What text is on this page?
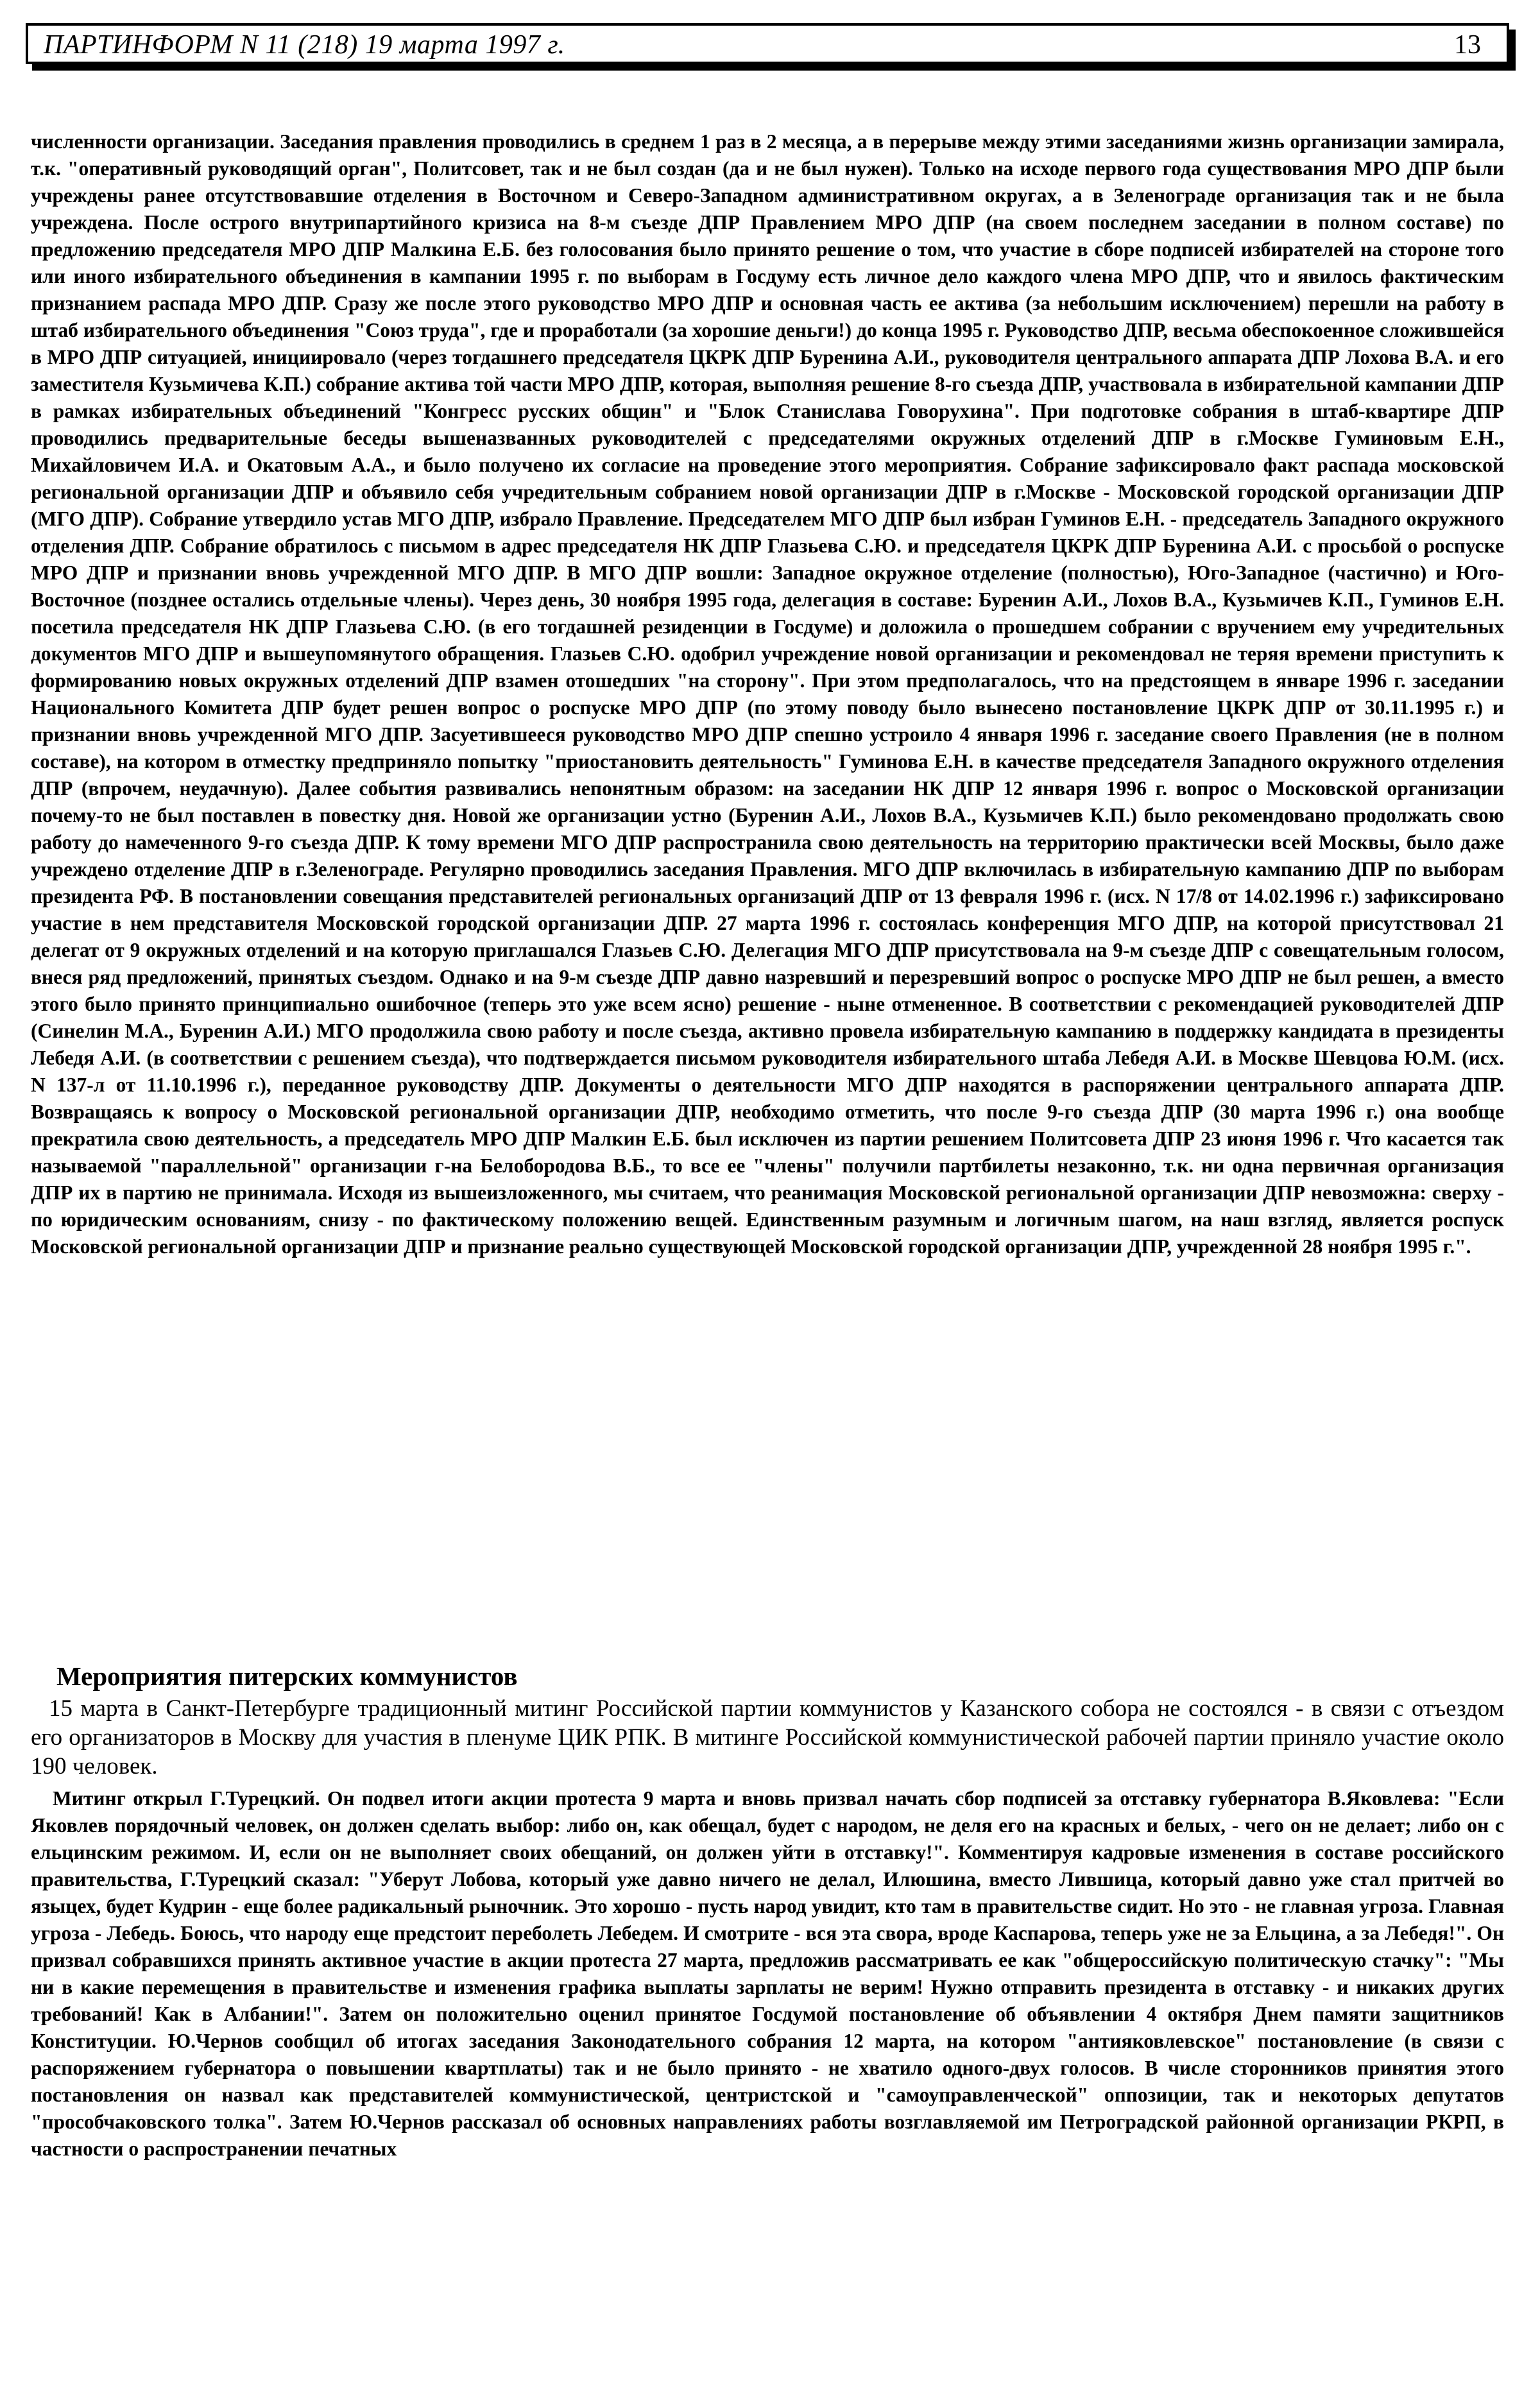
ПАРТИНФОРМ N 11 (218) 19 марта 1997 г.	13

численности организации. Заседания правления проводились в среднем 1 раз в 2 месяца, а в перерыве между этими заседаниями жизнь организации замирала, т.к. "оперативный руководящий орган", Политсовет, так и не был создан (да и не был нужен). Только на исходе первого года существования МРО ДПР были учреждены ранее отсутствовавшие отделения в Восточном и Северо-Западном административном округах, а в Зеленограде организация так и не была учреждена. После острого внутрипартийного кризиса на 8-м съезде ДПР Правлением МРО ДПР (на своем последнем заседании в полном составе) по предложению председателя МРО ДПР Малкина Е.Б. без голосования было принято решение о том, что участие в сборе подписей избирателей на стороне того или иного избирательного объединения в кампании 1995 г. по выборам в Госдуму есть личное дело каждого члена МРО ДПР, что и явилось фактическим признанием распада МРО ДПР. Сразу же после этого руководство МРО ДПР и основная часть ее актива (за небольшим исключением) перешли на работу в штаб избирательного объединения "Союз труда", где и проработали (за хорошие деньги!) до конца 1995 г. Руководство ДПР, весьма обеспокоенное сложившейся в МРО ДПР ситуацией, инициировало (через тогдашнего председателя ЦКРК ДПР Буренина А.И., руководителя центрального аппарата ДПР Лохова В.А. и его заместителя Кузьмичева К.П.) собрание актива той части МРО ДПР, которая, выполняя решение 8-го съезда ДПР, участвовала в избирательной кампании ДПР в рамках избирательных объединений "Конгресс русских общин" и "Блок Станислава Говорухина". При подготовке собрания в штаб-квартире ДПР проводились предварительные беседы вышеназванных руководителей с председателями окружных отделений ДПР в г.Москве Гуминовым Е.Н., Михайловичем И.А. и Окатовым А.А., и было получено их согласие на проведение этого мероприятия. Собрание зафиксировало факт распада московской региональной организации ДПР и объявило себя учредительным собранием новой организации ДПР в г.Москве - Московской городской организации ДПР (МГО ДПР). Собрание утвердило устав МГО ДПР, избрало Правление. Председателем МГО ДПР был избран Гуминов Е.Н. - председатель Западного окружного отделения ДПР. Собрание обратилось с письмом в адрес председателя НК ДПР Глазьева С.Ю. и председателя ЦКРК ДПР Буренина А.И. с просьбой о роспуске МРО ДПР и признании вновь учрежденной МГО ДПР. В МГО ДПР вошли: Западное окружное отделение (полностью), Юго-Западное (частично) и Юго-Восточное (позднее остались отдельные члены). Через день, 30 ноября 1995 года, делегация в составе: Буренин А.И., Лохов В.А., Кузьмичев К.П., Гуминов Е.Н. посетила председателя НК ДПР Глазьева С.Ю. (в его тогдашней резиденции в Госдуме) и доложила о прошедшем собрании с вручением ему учредительных документов МГО ДПР и вышеупомянутого обращения. Глазьев С.Ю. одобрил учреждение новой организации и рекомендовал не теряя времени приступить к формированию новых окружных отделений ДПР взамен отошедших "на сторону". При этом предполагалось, что на предстоящем в январе 1996 г. заседании Национального Комитета ДПР будет решен вопрос о роспуске МРО ДПР (по этому поводу было вынесено постановление ЦКРК ДПР от 30.11.1995 г.) и признании вновь учрежденной МГО ДПР. Засуетившееся руководство МРО ДПР спешно устроило 4 января 1996 г. заседание своего Правления (не в полном составе), на котором в отместку предприняло попытку "приостановить деятельность" Гуминова Е.Н. в качестве председателя Западного окружного отделения ДПР (впрочем, неудачную). Далее события развивались непонятным образом: на заседании НК ДПР 12 января 1996 г. вопрос о Московской организации почему-то не был поставлен в повестку дня. Новой же организации устно (Буренин А.И., Лохов В.А., Кузьмичев К.П.) было рекомендовано продолжать свою работу до намеченного 9-го съезда ДПР. К тому времени МГО ДПР распространила свою деятельность на территорию практически всей Москвы, было даже учреждено отделение ДПР в г.Зеленограде. Регулярно проводились заседания Правления. МГО ДПР включилась в избирательную кампанию ДПР по выборам президента РФ. В постановлении совещания представителей региональных организаций ДПР от 13 февраля 1996 г. (исх. N 17/8 от 14.02.1996 г.) зафиксировано участие в нем представителя Московской городской организации ДПР. 27 марта 1996 г. состоялась конференция МГО ДПР, на которой присутствовал 21 делегат от 9 окружных отделений и на которую приглашался Глазьев С.Ю. Делегация МГО ДПР присутствовала на 9-м съезде ДПР с совещательным голосом, внеся ряд предложений, принятых съездом. Однако и на 9-м съезде ДПР давно назревший и перезревший вопрос о роспуске МРО ДПР не был решен, а вместо этого было принято принципиально ошибочное (теперь это уже всем ясно) решение - ныне отмененное. В соответствии с рекомендацией руководителей ДПР (Синелин М.А., Буренин А.И.) МГО продолжила свою работу и после съезда, активно провела избирательную кампанию в поддержку кандидата в президенты Лебедя А.И. (в соответствии с решением съезда), что подтверждается письмом руководителя избирательного штаба Лебедя А.И. в Москве Шевцова Ю.М. (исх. N 137-л от 11.10.1996 г.), переданное руководству ДПР. Документы о деятельности МГО ДПР находятся в распоряжении центрального аппарата ДПР. Возвращаясь к вопросу о Московской региональной организации ДПР, необходимо отметить, что после 9-го съезда ДПР (30 марта 1996 г.) она вообще прекратила свою деятельность, а председатель МРО ДПР Малкин Е.Б. был исключен из партии решением Политсовета ДПР 23 июня 1996 г. Что касается так называемой "параллельной" организации г-на Белобородова В.Б., то все ее "члены" получили партбилеты незаконно, т.к. ни одна первичная организация ДПР их в партию не принимала. Исходя из вышеизложенного, мы считаем, что реанимация Московской региональной организации ДПР невозможна: сверху - по юридическим основаниям, снизу - по фактическому положению вещей. Единственным разумным и логичным шагом, на наш взгляд, является роспуск Московской региональной организации ДПР и признание реально существующей Московской городской организации ДПР, учрежденной 28 ноября 1995 г.".

Мероприятия питерских коммунистов

15 марта в Санкт-Петербурге традиционный митинг Российской партии коммунистов у Казанского собора не состоялся - в связи с отъездом его организаторов в Москву для участия в пленуме ЦИК РПК. В митинге Российской коммунистической рабочей партии приняло участие около 190 человек.

Митинг открыл Г.Турецкий. Он подвел итоги акции протеста 9 марта и вновь призвал начать сбор подписей за отставку губернатора В.Яковлева: "Если Яковлев порядочный человек, он должен сделать выбор: либо он, как обещал, будет с народом, не деля его на красных и белых, - чего он не делает; либо он с ельцинским режимом. И, если он не выполняет своих обещаний, он должен уйти в отставку!". Комментируя кадровые изменения в составе российского правительства, Г.Турецкий сказал: "Уберут Лобова, который уже давно ничего не делал, Илюшина, вместо Лившица, который давно уже стал притчей во языцех, будет Кудрин - еще более радикальный рыночник. Это хорошо - пусть народ увидит, кто там в правительстве сидит. Но это - не главная угроза. Главная угроза - Лебедь. Боюсь, что народу еще предстоит переболеть Лебедем. И смотрите - вся эта свора, вроде Каспарова, теперь уже не за Ельцина, а за Лебедя!". Он призвал собравшихся принять активное участие в акции протеста 27 марта, предложив рассматривать ее как "общероссийскую политическую стачку": "Мы ни в какие перемещения в правительстве и изменения графика выплаты зарплаты не верим! Нужно отправить президента в отставку - и никаких других требований! Как в Албании!". Затем он положительно оценил принятое Госдумой постановление об объявлении 4 октября Днем памяти защитников Конституции. Ю.Чернов сообщил об итогах заседания Законодательного собрания 12 марта, на котором "антияковлевское" постановление (в связи с распоряжением губернатора о повышении квартплаты) так и не было принято - не хватило одного-двух голосов. В числе сторонников принятия этого постановления он назвал как представителей коммунистической, центристской и "самоуправленческой" оппозиции, так и некоторых депутатов "прособчаковского толка". Затем Ю.Чернов рассказал об основных направлениях работы возглавляемой им Петроградской районной организации РКРП, в частности о распространении печатных
